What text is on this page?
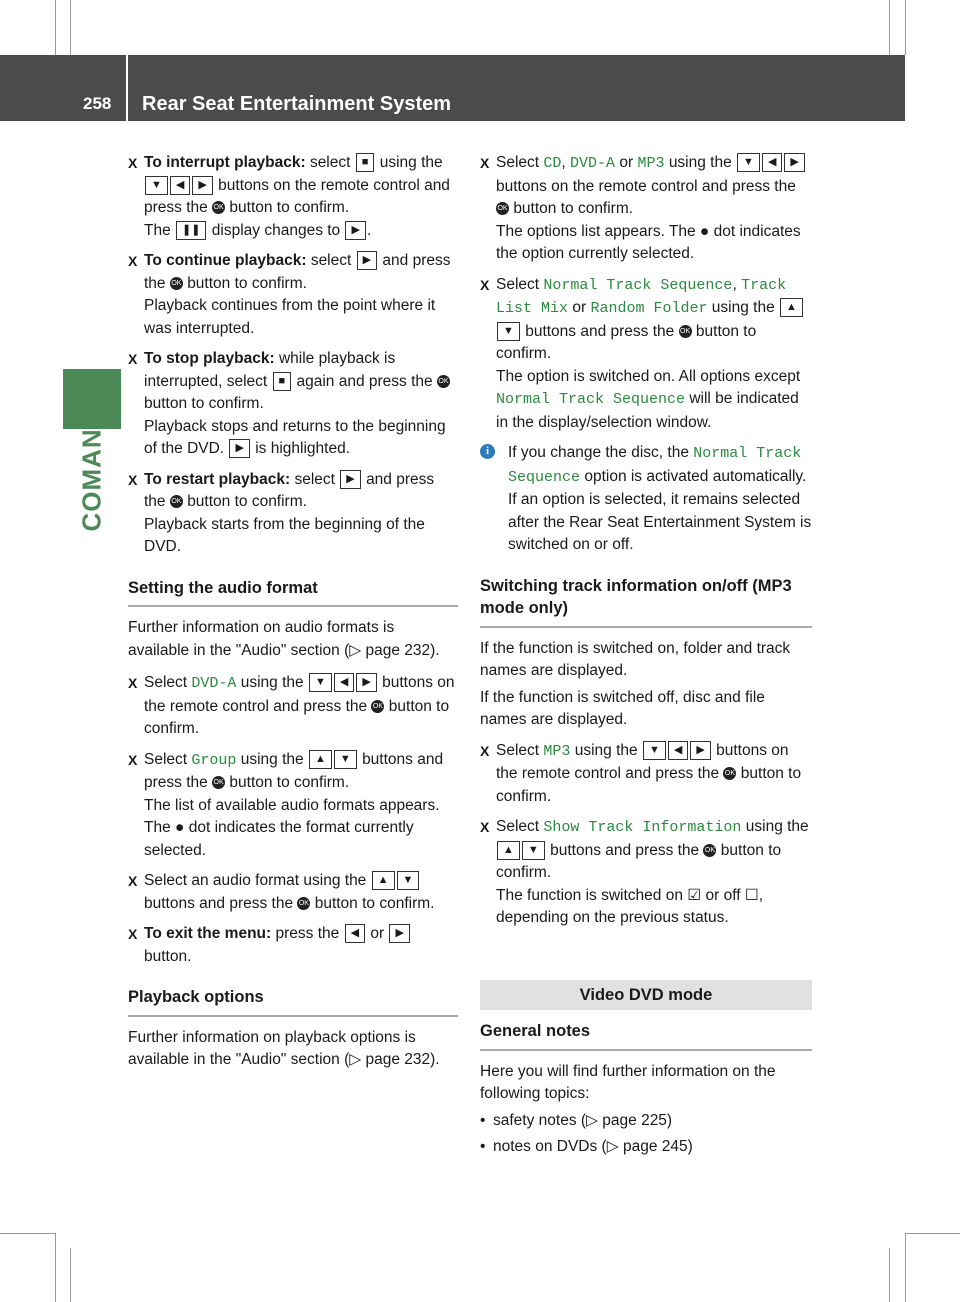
258 Rear Seat Entertainment System
COMAND
X To interrupt playback: select ■ using the ▼ ◀ ▶ buttons on the remote control and press the OK button to confirm.
The ❚❚ display changes to ▶ .
X To continue playback: select ▶ and press the OK button to confirm.
Playback continues from the point where it was interrupted.
X To stop playback: while playback is interrupted, select ■ again and press the OK button to confirm.
Playback stops and returns to the beginning of the DVD. ▶ is highlighted.
X To restart playback: select ▶ and press the OK button to confirm.
Playback starts from the beginning of the DVD.
Setting the audio format
Further information on audio formats is available in the "Audio" section (▷ page 232).
X Select DVD-A using the ▼ ◀ ▶ buttons on the remote control and press the OK button to confirm.
X Select Group using the ▲ ▼ buttons and press the OK button to confirm.
The list of available audio formats appears. The ● dot indicates the format currently selected.
X Select an audio format using the ▲ ▼ buttons and press the OK button to confirm.
X To exit the menu: press the ◀ or ▶ button.
Playback options
Further information on playback options is available in the "Audio" section (▷ page 232).
X Select CD, DVD-A or MP3 using the ▼ ◀ ▶ buttons on the remote control and press the OK button to confirm.
The options list appears. The ● dot indicates the option currently selected.
X Select Normal Track Sequence, Track List Mix or Random Folder using the ▲▼ buttons and press the OK button to confirm.
The option is switched on. All options except Normal Track Sequence will be indicated in the display/selection window.
i	If you change the disc, the Normal Track Sequence option is activated automatically. If an option is selected, it remains selected after the Rear Seat Entertainment System is switched on or off.
Switching track information on/off (MP3 mode only)
If the function is switched on, folder and track names are displayed.
If the function is switched off, disc and file names are displayed.
X Select MP3 using the ▼ ◀ ▶ buttons on the remote control and press the OK button to confirm.
X Select Show Track Information using the ▲ ▼ buttons and press the OK button to confirm.
The function is switched on ☑ or off ☐, depending on the previous status.
Video DVD mode
General notes
Here you will find further information on the following topics:
• safety notes (▷ page 225)
• notes on DVDs (▷ page 245)
